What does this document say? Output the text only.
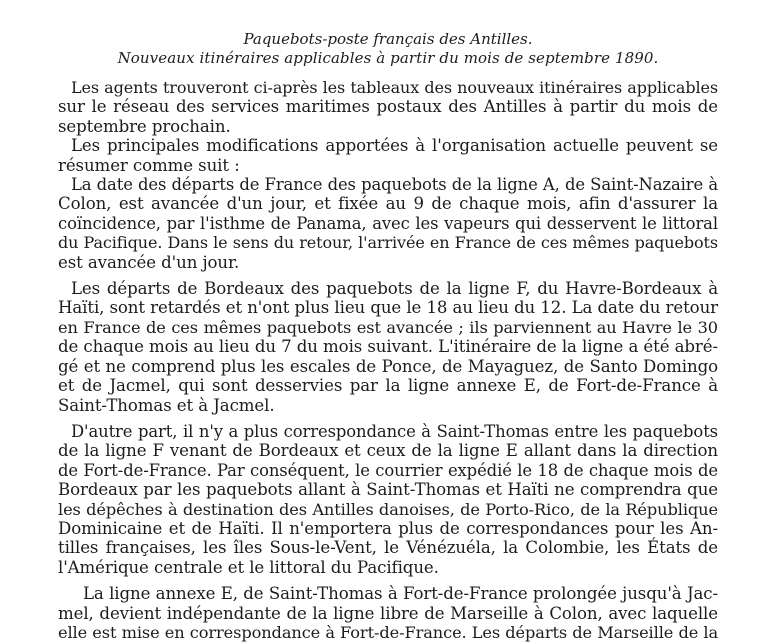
Paquebots-poste français des Antilles.
Nouveaux itinéraires applicables à partir du mois de septembre 1890.

Les agents trouveront ci-après les tableaux des nouveaux itinéraires applicables
sur le réseau des services maritimes postaux des Antilles à partir du mois de
septembre prochain.

Les principales modifications apportées à l'organisation actuelle peuvent se
résumer comme suit :

La date des départs de France des paquebots de la ligne A, de Saint-Nazaire à
Colon, est avancée d'un jour, et fixée au 9 de chaque mois, afin d'assurer la
coïncidence, par l'isthme de Panama, avec les vapeurs qui desservent le littoral
du Pacifique. Dans le sens du retour, l'arrivée en France de ces mêmes paquebots
est avancée d'un jour.

Les départs de Bordeaux des paquebots de la ligne F, du Havre-Bordeaux à
Haïti, sont retardés et n'ont plus lieu que le 18 au lieu du 12. La date du retour
en France de ces mêmes paquebots est avancée ; ils parviennent au Havre le 30
de chaque mois au lieu du 7 du mois suivant. L'itinéraire de la ligne a été abré-
gé et ne comprend plus les escales de Ponce, de Mayaguez, de Santo Domingo
et de Jacmel, qui sont desservies par la ligne annexe E, de Fort-de-France à
Saint-Thomas et à Jacmel.

D'autre part, il n'y a plus correspondance à Saint-Thomas entre les paquebots
de la ligne F venant de Bordeaux et ceux de la ligne E allant dans la direction
de Fort-de-France. Par conséquent, le courrier expédié le 18 de chaque mois de
Bordeaux par les paquebots allant à Saint-Thomas et Haïti ne comprendra que
les dépêches à destination des Antilles danoises, de Porto-Rico, de la République
Dominicaine et de Haïti. Il n'emportera plus de correspondances pour les An-
tilles françaises, les îles Sous-le-Vent, le Vénézuéla, la Colombie, les États de
l'Amérique centrale et le littoral du Pacifique.

La ligne annexe E, de Saint-Thomas à Fort-de-France prolongée jusqu'à Jac-
mel, devient indépendante de la ligne libre de Marseille à Colon, avec laquelle
elle est mise en correspondance à Fort-de-France. Les départs de Marseille de la
